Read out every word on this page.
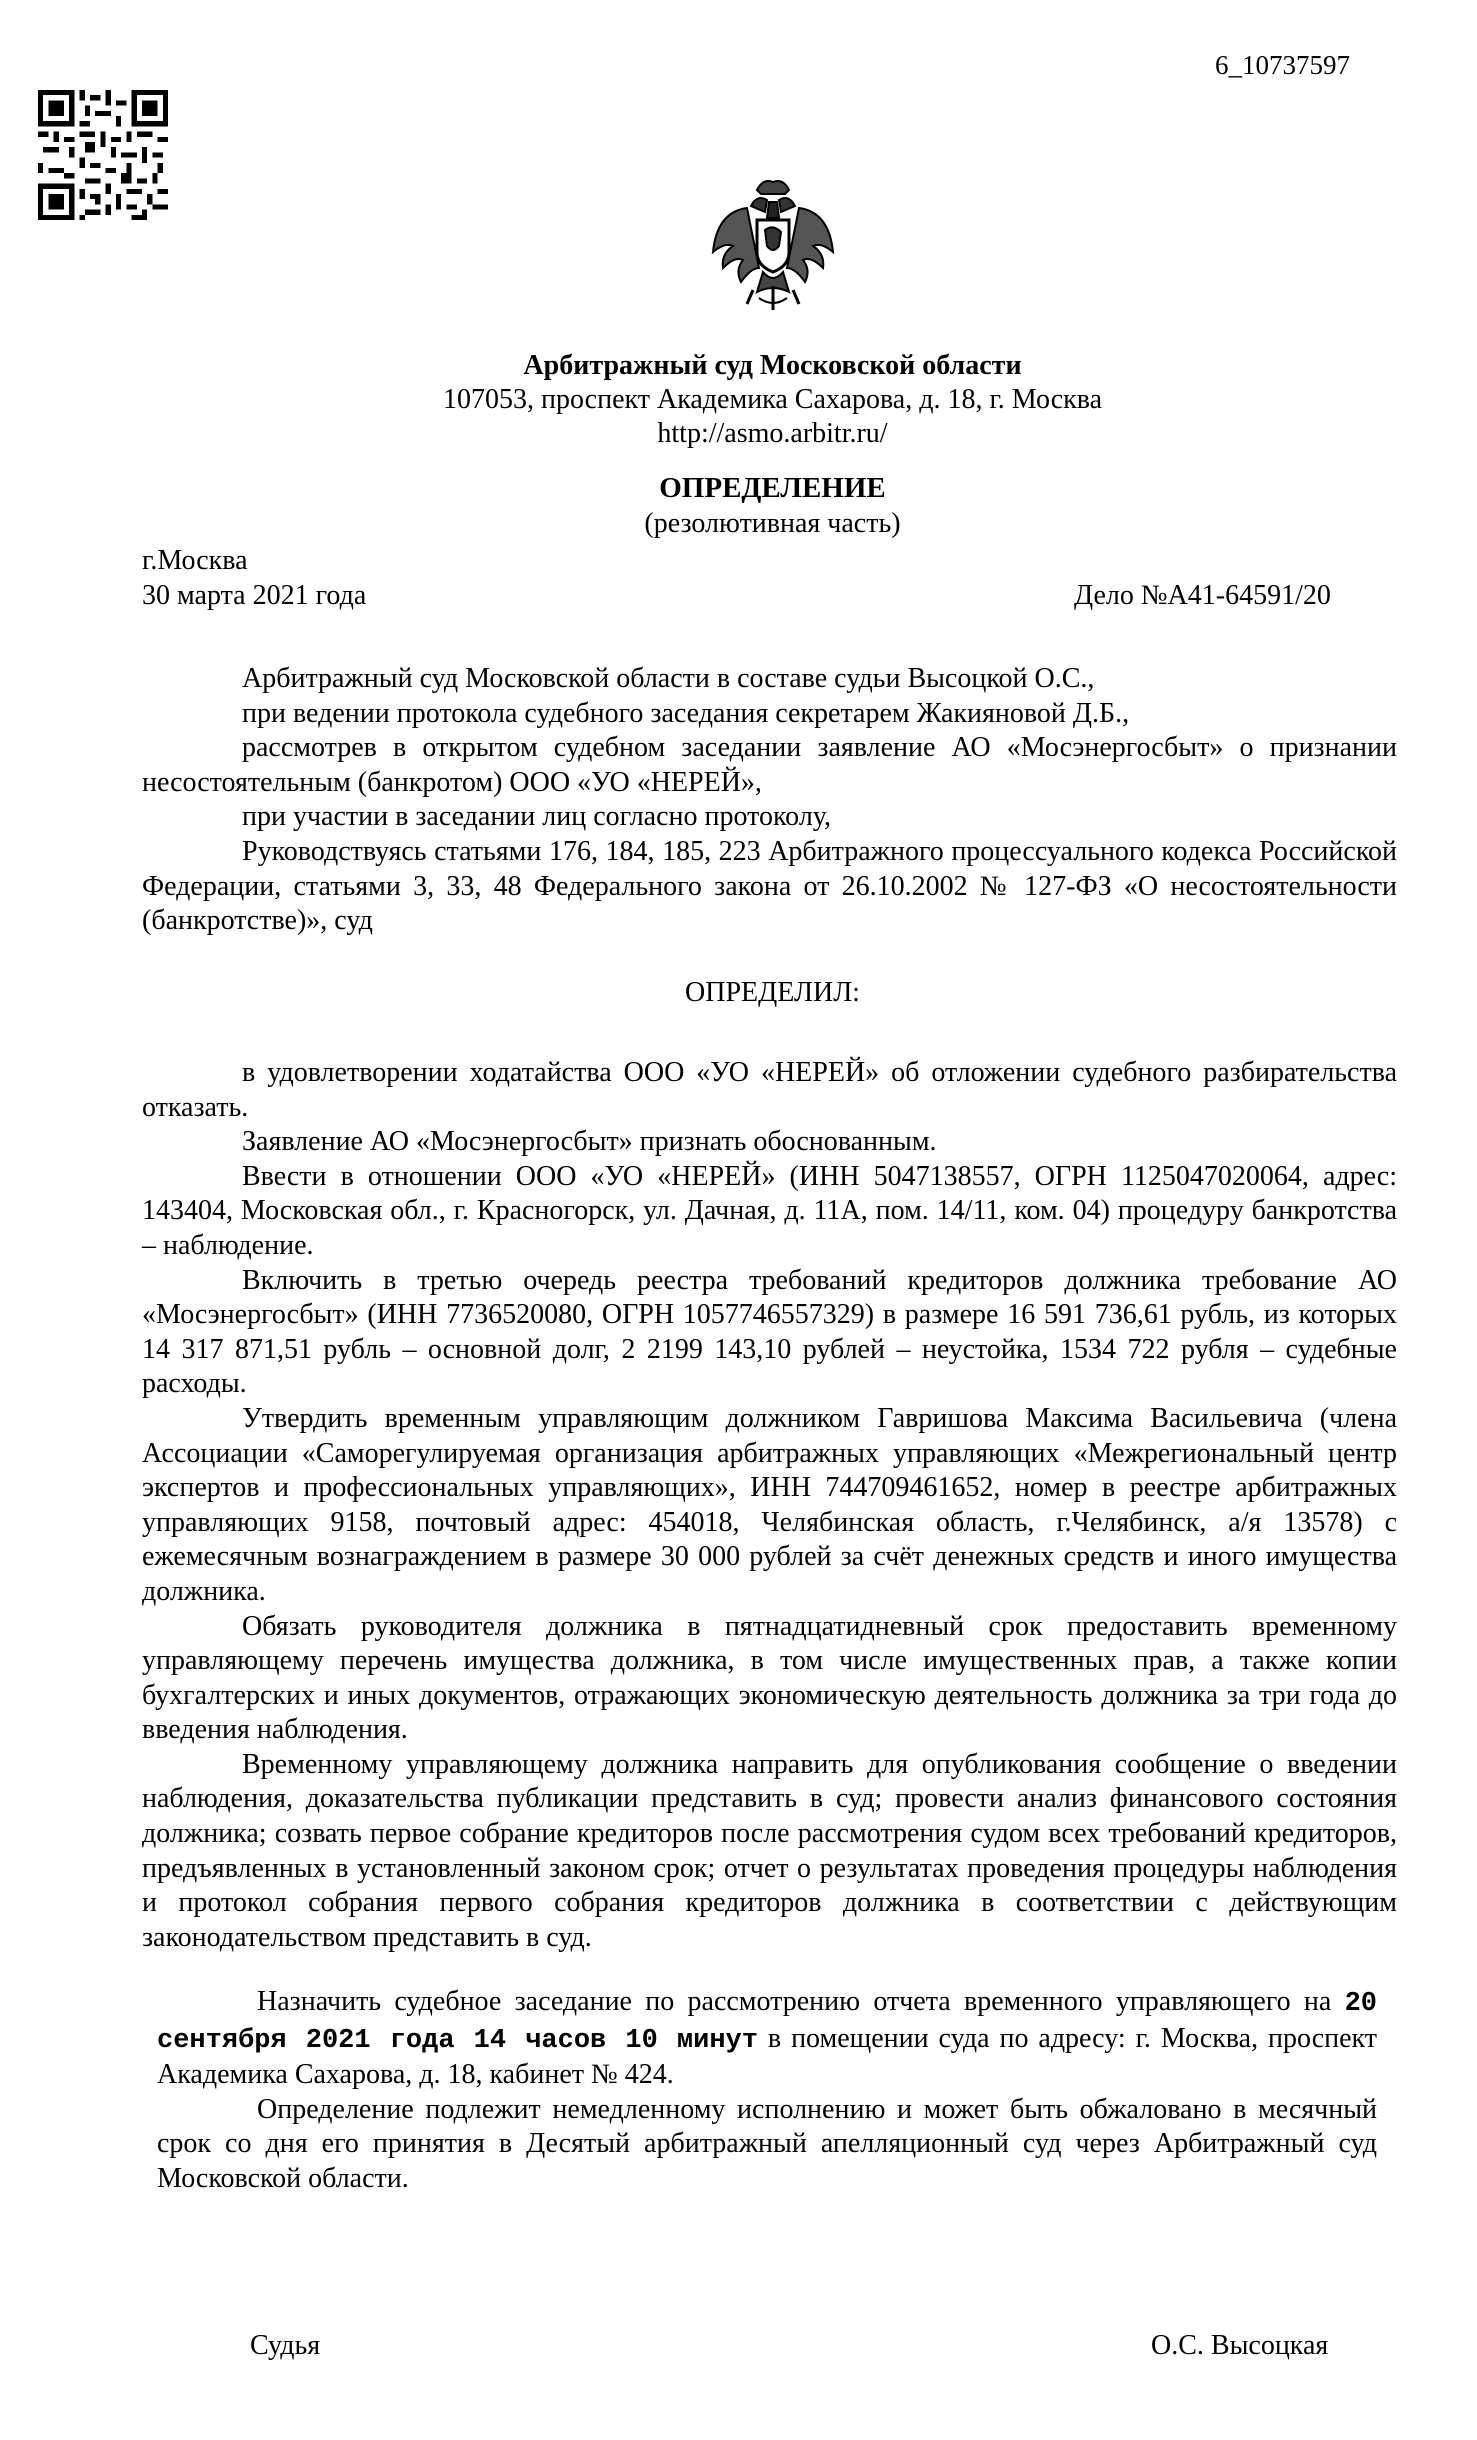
6_10737597
Арбитражный суд Московской области
107053, проспект Академика Сахарова, д. 18, г. Москва
http://asmo.arbitr.ru/
ОПРЕДЕЛЕНИЕ
(резолютивная часть)
г.Москва
30 марта 2021 года	Дело №А41-64591/20

Арбитражный суд Московской области в составе судьи Высоцкой О.С.,

при ведении протокола судебного заседания секретарем Жакияновой Д.Б.,

рассмотрев в открытом судебном заседании заявление АО «Мосэнергосбыт» о признании несостоятельным (банкротом) ООО «УО «НЕРЕЙ»,

при участии в заседании лиц согласно протоколу,

Руководствуясь статьями 176, 184, 185, 223 Арбитражного процессуального кодекса Российской Федерации, статьями 3, 33, 48 Федерального закона от 26.10.2002 № 127-ФЗ «О несостоятельности (банкротстве)», суд

ОПРЕДЕЛИЛ:

в удовлетворении ходатайства ООО «УО «НЕРЕЙ» об отложении судебного разбирательства отказать.

Заявление АО «Мосэнергосбыт» признать обоснованным.

Ввести в отношении ООО «УО «НЕРЕЙ» (ИНН 5047138557, ОГРН 1125047020064, адрес: 143404, Московская обл., г. Красногорск, ул. Дачная, д. 11А, пом. 14/11, ком. 04) процедуру банкротства – наблюдение.

Включить в третью очередь реестра требований кредиторов должника требование АО «Мосэнергосбыт» (ИНН 7736520080, ОГРН 1057746557329) в размере 16 591 736,61 рубль, из которых 14 317 871,51 рубль – основной долг, 2 2199 143,10 рублей – неустойка, 1534 722 рубля – судебные расходы.

Утвердить временным управляющим должником Гавришова Максима Васильевича (члена Ассоциации «Саморегулируемая организация арбитражных управляющих «Межрегиональный центр экспертов и профессиональных управляющих», ИНН 744709461652, номер в реестре арбитражных управляющих 9158, почтовый адрес: 454018, Челябинская область, г.Челябинск, а/я 13578) с ежемесячным вознаграждением в размере 30 000 рублей за счёт денежных средств и иного имущества должника.

Обязать руководителя должника в пятнадцатидневный срок предоставить временному управляющему перечень имущества должника, в том числе имущественных прав, а также копии бухгалтерских и иных документов, отражающих экономическую деятельность должника за три года до введения наблюдения.

Временному управляющему должника направить для опубликования сообщение о введении наблюдения, доказательства публикации представить в суд; провести анализ финансового состояния должника; созвать первое собрание кредиторов после рассмотрения судом всех требований кредиторов, предъявленных в установленный законом срок; отчет о результатах проведения процедуры наблюдения и протокол собрания первого собрания кредиторов должника в соответствии с действующим законодательством представить в суд.

Назначить судебное заседание по рассмотрению отчета временного управляющего на 20 сентября 2021 года 14 часов 10 минут в помещении суда по адресу: г. Москва, проспект Академика Сахарова, д. 18, кабинет № 424.

Определение подлежит немедленному исполнению и может быть обжаловано в месячный срок со дня его принятия в Десятый арбитражный апелляционный суд через Арбитражный суд Московской области.

Судья	О.С. Высоцкая
